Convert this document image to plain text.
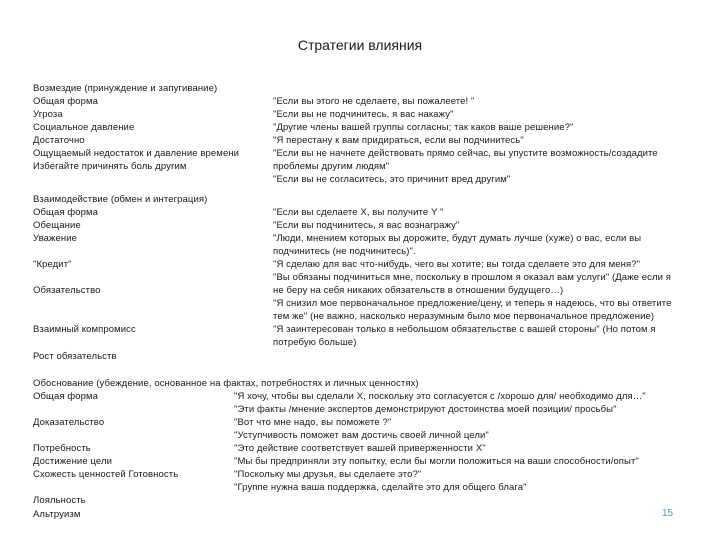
Стратегии влияния
Возмездие (принуждение и запугивание)
Общая форма
Угроза
Социальное давление
Достаточно
Ощущаемый недостаток и давление времени
Избегайте причинять боль другим
"Если вы этого не сделаете, вы пожалеете! "
"Если вы не подчинитесь, я вас накажу"
"Другие члены вашей группы согласны; так каков ваше решение?"
"Я перестану к вам придираться, если вы подчинитесь"
"Если вы не начнете действовать прямо сейчас, вы упустите возможность/создадите
проблемы другим людям"
"Если вы не согласитесь, это причинит вред другим"
Взаимодействие (обмен и интеграция)
Общая форма
Обещание
Уважение
"Кредит"
Обязательство
Взаимный компромисс
Рост обязательств
"Если вы сделаете X, вы получите Y "
"Если вы подчинитесь, я вас вознагражу"
"Люди, мнением которых вы дорожите, будут думать лучше (хуже) о вас, если вы
подчинитесь (не подчинитесь)".
"Я сделаю для вас что-нибудь, чего вы хотите; вы тогда сделаете это для меня?"
"Вы обязаны подчиниться мне, поскольку в прошлом я оказал вам услуги" (Даже если я
не беру на себя никаких обязательств в отношении будущего…)
"Я снизил мое первоначальное предложение/цену, и теперь я надеюсь, что вы ответите
тем же" (не важно, насколько неразумным было мое первоначальное предложение)
"Я заинтересован только в небольшом обязательстве с вашей стороны" (Но потом я
потребую больше)
Обоснование (убеждение, основанное на фактах, потребностях и личных ценностях)
Общая форма
Доказательство
Потребность
Достижение цели
Схожесть ценностей Готовность
Лояльность
Альтруизм
"Я хочу, чтобы вы сделали X, поскольку это согласуется с /хорошо для/ необходимо для…"
"Эти факты /мнение экспертов демонстрируют достоинства моей позиции/ просьбы"
"Вот что мне надо, вы поможете ?"
"Уступчивость поможет вам достичь своей личной цели"
"Это действие соответствует вашей приверженности X"
"Мы бы предприняли эту попытку, если бы могли положиться на ваши способности/опыт"
"Поскольку мы друзья, вы сделаете это?"
"Группе нужна ваша поддержка, сделайте это для общего блага"
15
